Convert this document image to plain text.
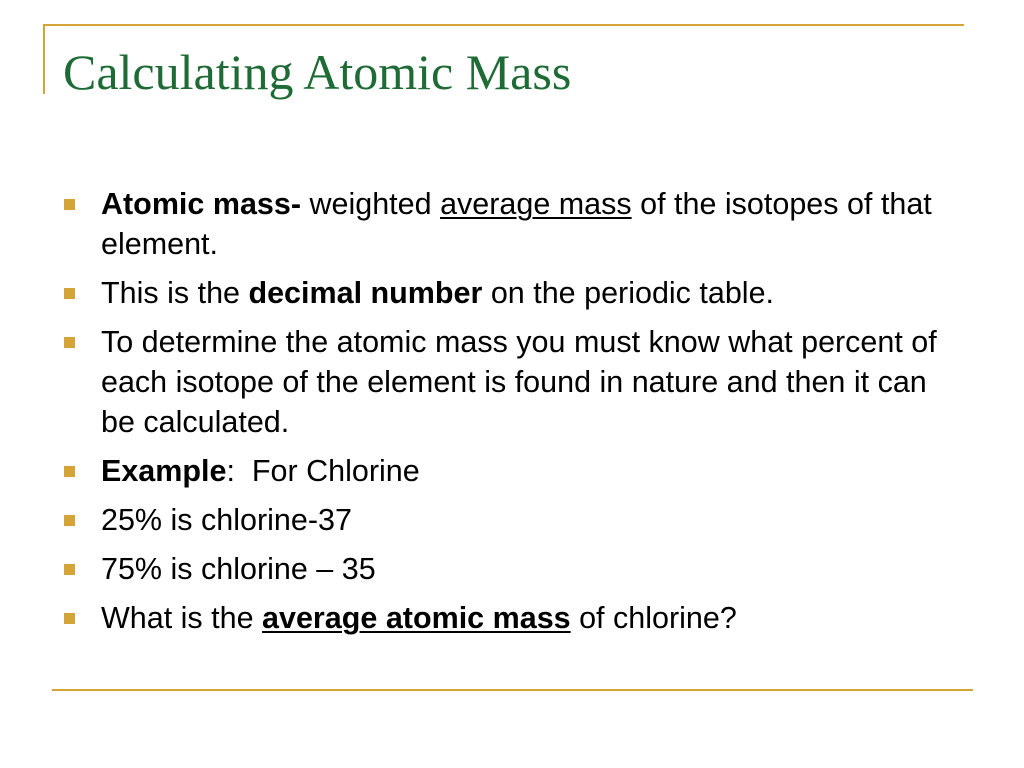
Calculating Atomic Mass
Atomic mass- weighted average mass of the isotopes of that element.
This is the decimal number on the periodic table.
To determine the atomic mass you must know what percent of each isotope of the element is found in nature and then it can be calculated.
Example:  For Chlorine
25% is chlorine-37
75% is chlorine – 35
What is the average atomic mass of chlorine?
